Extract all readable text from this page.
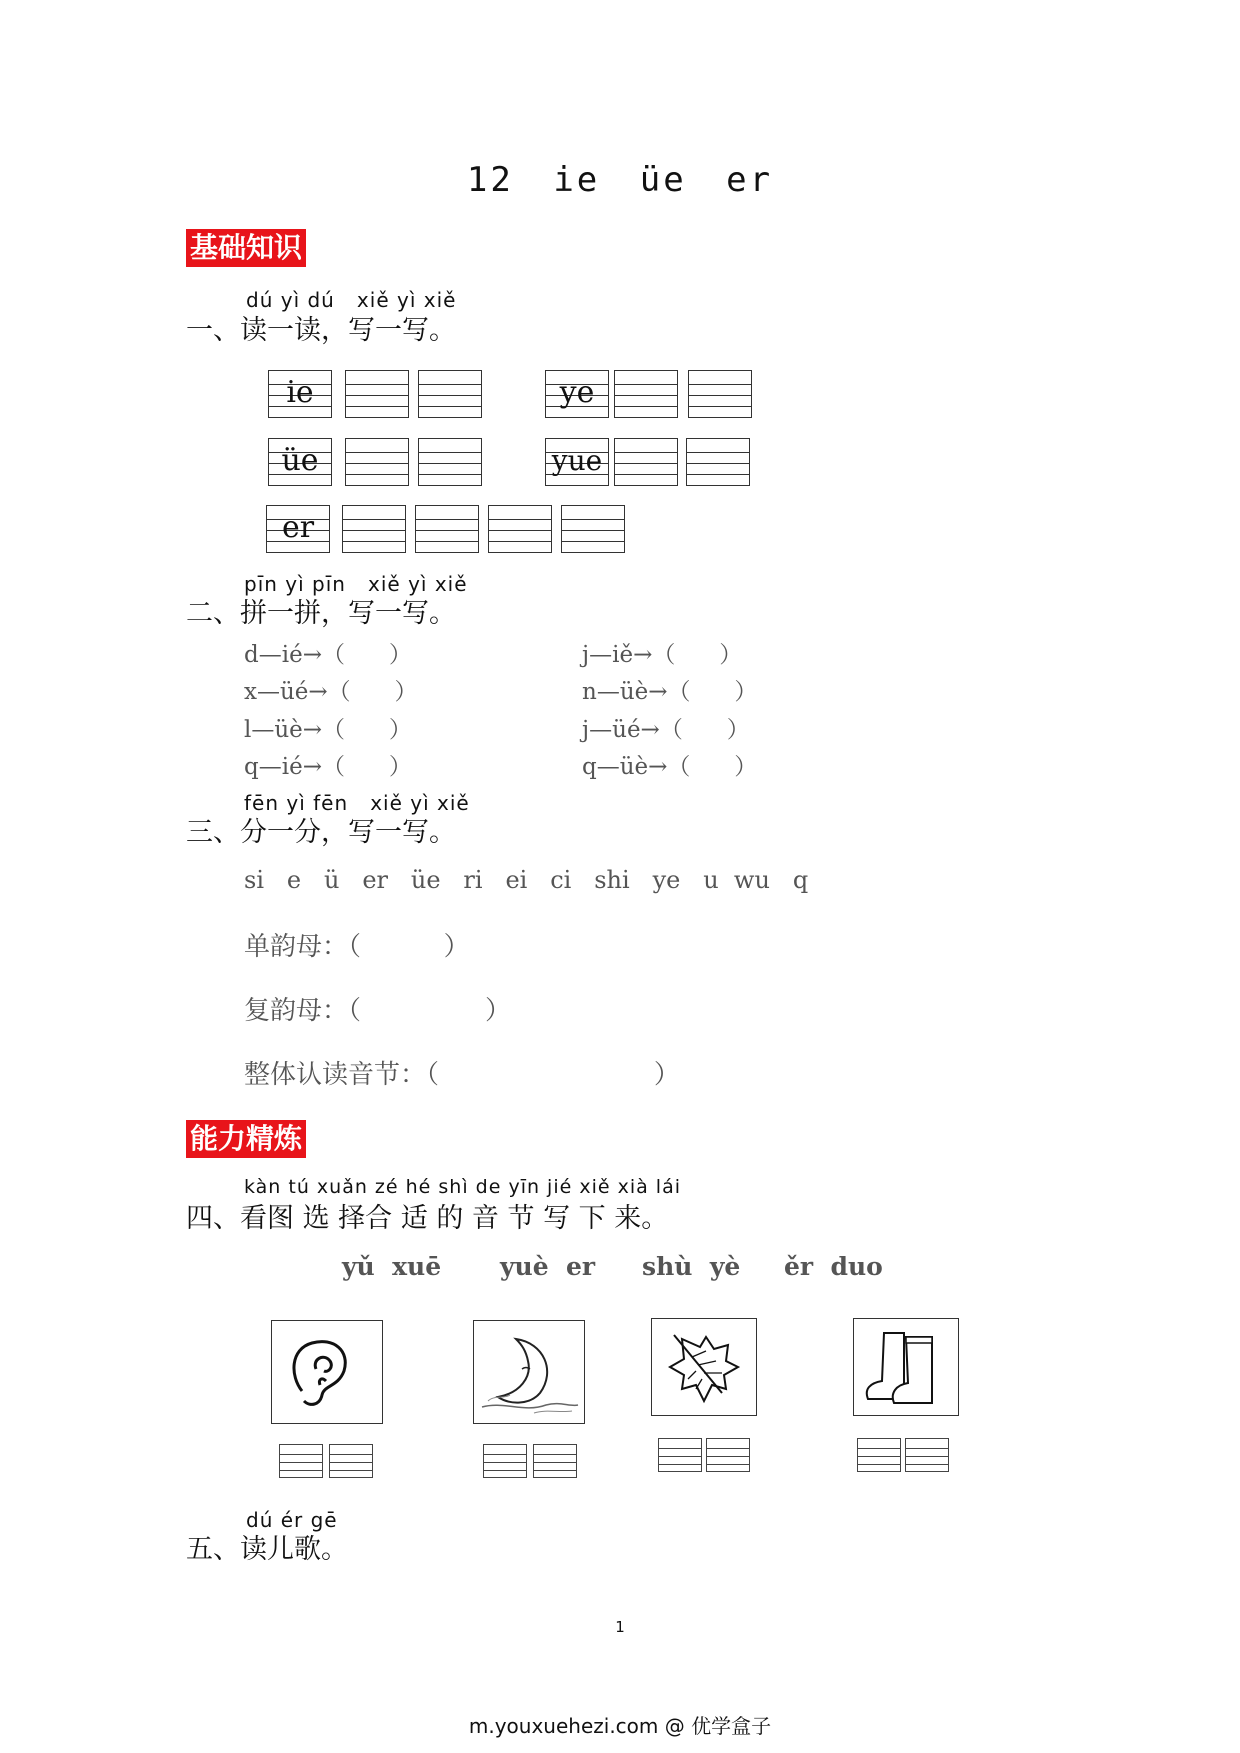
12 ie üe er
基础知识
dú yì dú   xiě yì xiě
一、读一读，写一写。
ie	ye
üe	yue
er
pīn yì pīn   xiě yì xiě
二、拼一拼，写一写。
d—ié→（      ）
x—üé→（      ）
l—üè→（      ）
q—ié→（      ）
j—iě→（      ）
n—üè→（      ）
j—üé→（      ）
q—üè→（      ）
fēn yì fēn   xiě yì xiě
三、分一分，写一写。
si   e   ü   er   üe   ri   ei   ci   shi   ye   u  wu   q
单韵母：（          ）
复韵母：（               ）
整体认读音节：（                          ）
能力精炼
kàn tú xuǎn zé hé shì de yīn jié xiě xià lái
四、看图 选 择合 适 的 音 节 写 下 来。
yǔ  xuē yuè  er shù  yè ěr  duo
dú ér gē
五、读儿歌。
1
m.youxuehezi.com @ 优学盒子
